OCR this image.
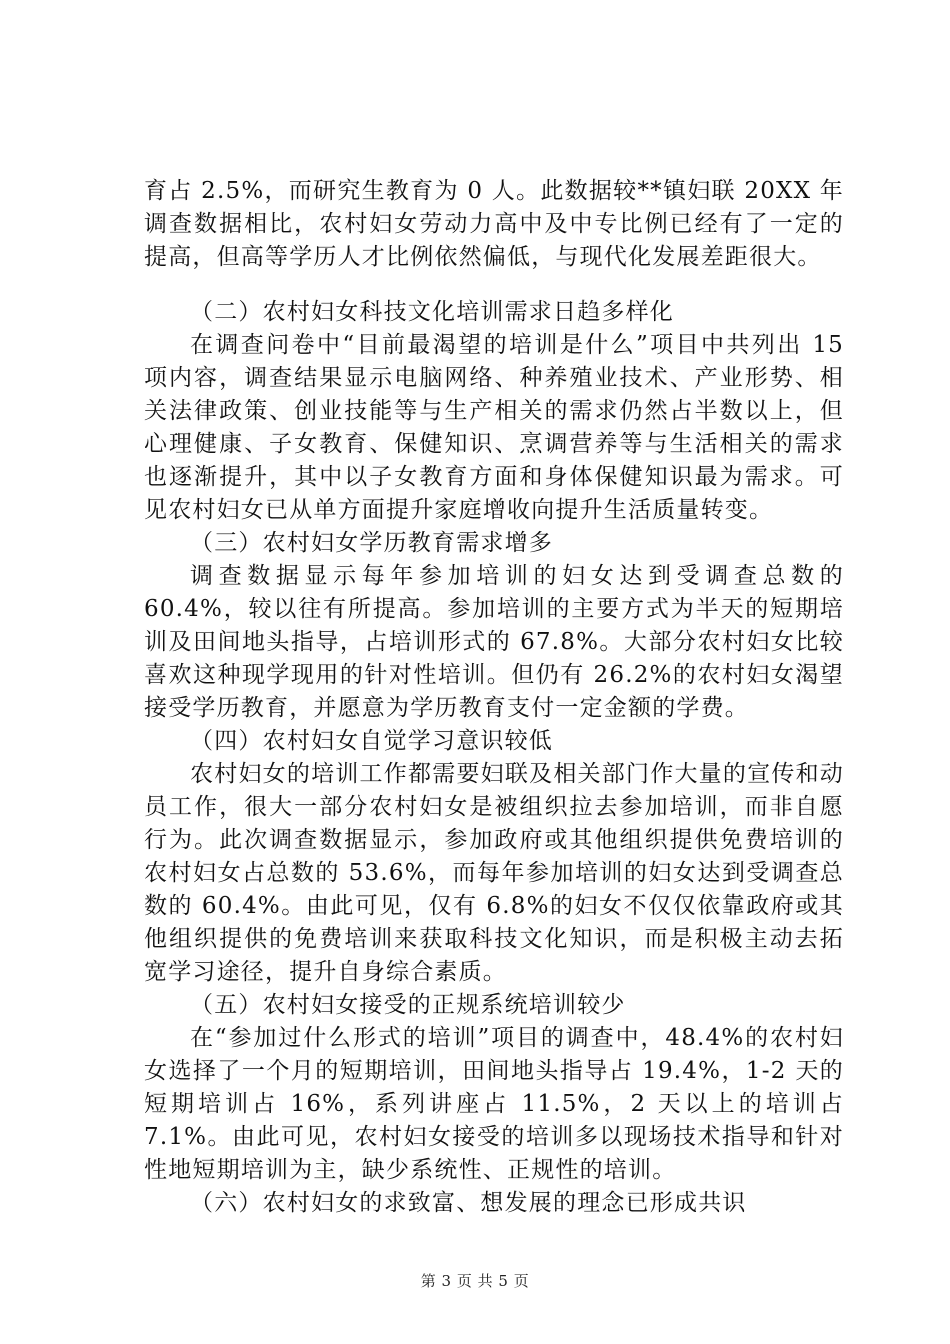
育占 2.5%，而研究生教育为 0 人。此数据较**镇妇联 20XX 年调查数据相比，农村妇女劳动力高中及中专比例已经有了一定的提高，但高等学历人才比例依然偏低，与现代化发展差距很大。

（二）农村妇女科技文化培训需求日趋多样化

在调查问卷中“目前最渴望的培训是什么”项目中共列出 15 项内容，调查结果显示电脑网络、种养殖业技术、产业形势、相关法律政策、创业技能等与生产相关的需求仍然占半数以上，但心理健康、子女教育、保健知识、烹调营养等与生活相关的需求也逐渐提升，其中以子女教育方面和身体保健知识最为需求。可见农村妇女已从单方面提升家庭增收向提升生活质量转变。

（三）农村妇女学历教育需求增多

调查数据显示每年参加培训的妇女达到受调查总数的 60.4%，较以往有所提高。参加培训的主要方式为半天的短期培训及田间地头指导，占培训形式的 67.8%。大部分农村妇女比较喜欢这种现学现用的针对性培训。但仍有 26.2%的农村妇女渴望接受学历教育，并愿意为学历教育支付一定金额的学费。

（四）农村妇女自觉学习意识较低

农村妇女的培训工作都需要妇联及相关部门作大量的宣传和动员工作，很大一部分农村妇女是被组织拉去参加培训，而非自愿行为。此次调查数据显示，参加政府或其他组织提供免费培训的农村妇女占总数的 53.6%，而每年参加培训的妇女达到受调查总数的 60.4%。由此可见，仅有 6.8%的妇女不仅仅依靠政府或其他组织提供的免费培训来获取科技文化知识，而是积极主动去拓宽学习途径，提升自身综合素质。

（五）农村妇女接受的正规系统培训较少

在“参加过什么形式的培训”项目的调查中，48.4%的农村妇女选择了一个月的短期培训，田间地头指导占 19.4%，1-2 天的短期培训占 16%，系列讲座占 11.5%，2 天以上的培训占 7.1%。由此可见，农村妇女接受的培训多以现场技术指导和针对性地短期培训为主，缺少系统性、正规性的培训。

（六）农村妇女的求致富、想发展的理念已形成共识

第 3 页 共 5 页
